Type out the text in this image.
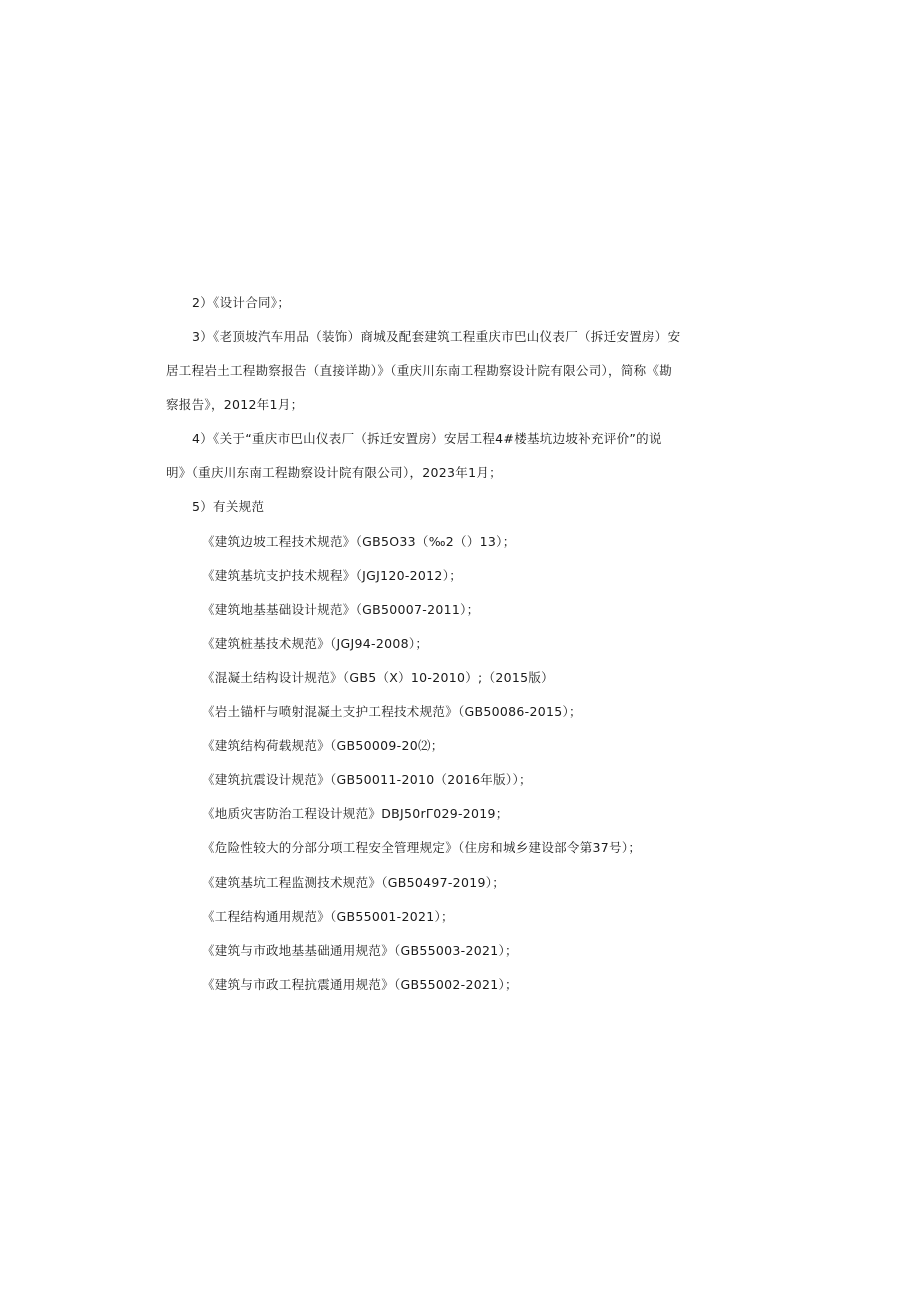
2）《设计合同》；
3）《老顶坡汽车用品（装饰）商城及配套建筑工程重庆市巴山仪表厂（拆迁安置房）安
居工程岩土工程勘察报告（直接详勘）》（重庆川东南工程勘察设计院有限公司），简称《勘
察报告》，2012年1月；
4）《关于“重庆市巴山仪表厂（拆迁安置房）安居工程4#楼基坑边坡补充评价”的说
明》（重庆川东南工程勘察设计院有限公司），2023年1月；
5）有关规范
《建筑边坡工程技术规范》（GB5O33（‰2（）13）；
《建筑基坑支护技术规程》（JGJ120-2012）；
《建筑地基基础设计规范》（GB50007-2011）；
《建筑桩基技术规范》（JGJ94-2008）；
《混凝土结构设计规范》（GB5（X）10-2010）;（2015版）
《岩土锚杆与喷射混凝土支护工程技术规范》（GB50086-2015）；
《建筑结构荷载规范》（GB50009-20⑵；
《建筑抗震设计规范》（GB50011-2010（2016年版））；
《地质灾害防治工程设计规范》DBJ50rΓ029-2019；
《危险性较大的分部分项工程安全管理规定》（住房和城乡建设部令第37号）；
《建筑基坑工程监测技术规范》（GB50497-2019）；
《工程结构通用规范》（GB55001-2021）；
《建筑与市政地基基础通用规范》（GB55003-2021）；
《建筑与市政工程抗震通用规范》（GB55002-2021）；
